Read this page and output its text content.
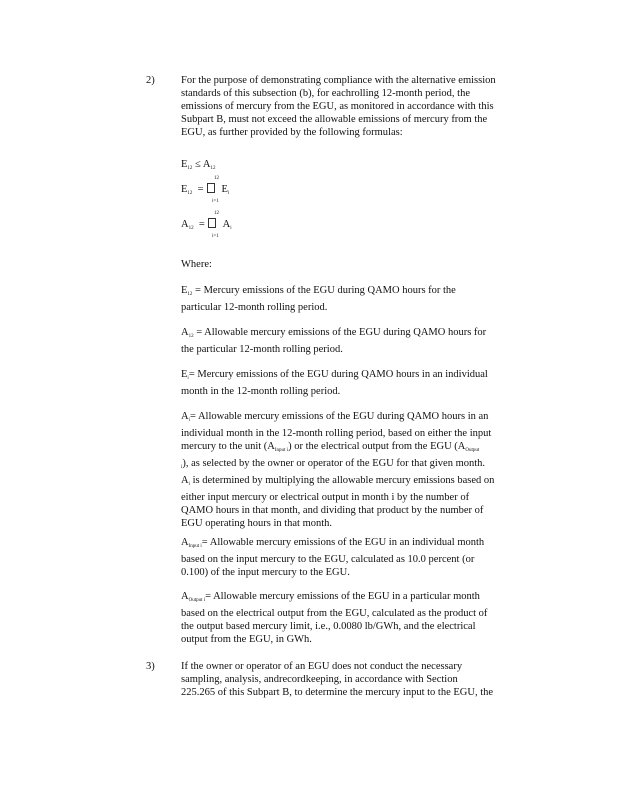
2)	For the purpose of demonstrating compliance with the alternative emission
standards of this subsection (b), for eachrolling 12-month period, the
emissions of mercury from the EGU, as monitored in accordance with this
Subpart B, must not exceed the allowable emissions of mercury from the
EGU, as further provided by the following formulas:
$E_{12} \le A_{12}$
12
$E_{12} = E_i$
i=1
12
$A_{12} = A_i$
i=1
Where:
$E_{12}$ = Mercury emissions of the EGU during QAMO hours for the
particular 12-month rolling period.
$A_{12}$ = Allowable mercury emissions of the EGU during QAMO hours for
the particular 12-month rolling period.
$E_i=$ Mercury emissions of the EGU during QAMO hours in an individual
month in the 12-month rolling period.
$A_i=$ Allowable mercury emissions of the EGU during QAMO hours in an
individual month in the 12-month rolling period, based on either the input
mercury to the unit $(A_{Input i})$ or the electrical output from the EGU ($A_{Output}$
$_i$), as selected by the owner or operator of the EGU for that given month.
$A_i$ is determined by multiplying the allowable mercury emissions based on
either input mercury or electrical output in month i by the number of
QAMO hours in that month, and dividing that product by the number of
EGU operating hours in that month.
$A_{Input i}=$ Allowable mercury emissions of the EGU in an individual month
based on the input mercury to the EGU, calculated as 10.0 percent (or
0.100) of the input mercury to the EGU.
$A_{Output i}=$ Allowable mercury emissions of the EGU in a particular month
based on the electrical output from the EGU, calculated as the product of
the output based mercury limit, i.e., 0.0080 lb/GWh, and the electrical
output from the EGU, in GWh.
3)	If the owner or operator of an EGU does not conduct the necessary
sampling, analysis, andrecordkeeping, in accordance with Section
225.265 of this Subpart B, to determine the mercury input to the EGU, the
